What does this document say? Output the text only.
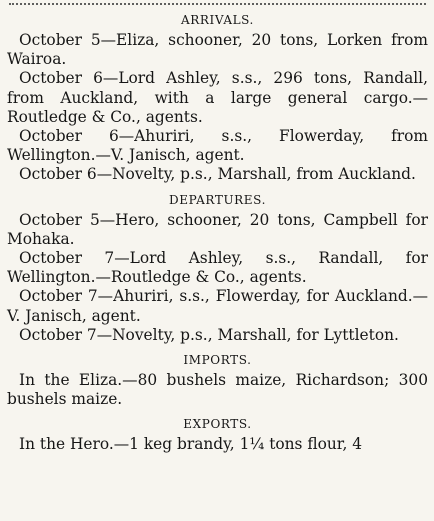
ARRIVALS.

October 5—Eliza, schooner, 20 tons, Lorken from Wairoa.

October 6—Lord Ashley, s.s., 296 tons, Randall, from Auckland, with a large general cargo.—Routledge & Co., agents.

October 6—Ahuriri, s.s., Flowerday, from Wellington.—V. Janisch, agent.

October 6—Novelty, p.s., Marshall, from Auckland.

DEPARTURES.

October 5—Hero, schooner, 20 tons, Campbell for Mohaka.

October 7—Lord Ashley, s.s., Randall, for Wellington.—Routledge & Co., agents.

October 7—Ahuriri, s.s., Flowerday, for Auckland.—V. Janisch, agent.

October 7—Novelty, p.s., Marshall, for Lyttleton.

IMPORTS.

In the Eliza.—80 bushels maize, Richardson; 300 bushels maize.

EXPORTS.

In the Hero.—1 keg brandy, 1¼ tons flour, 4
